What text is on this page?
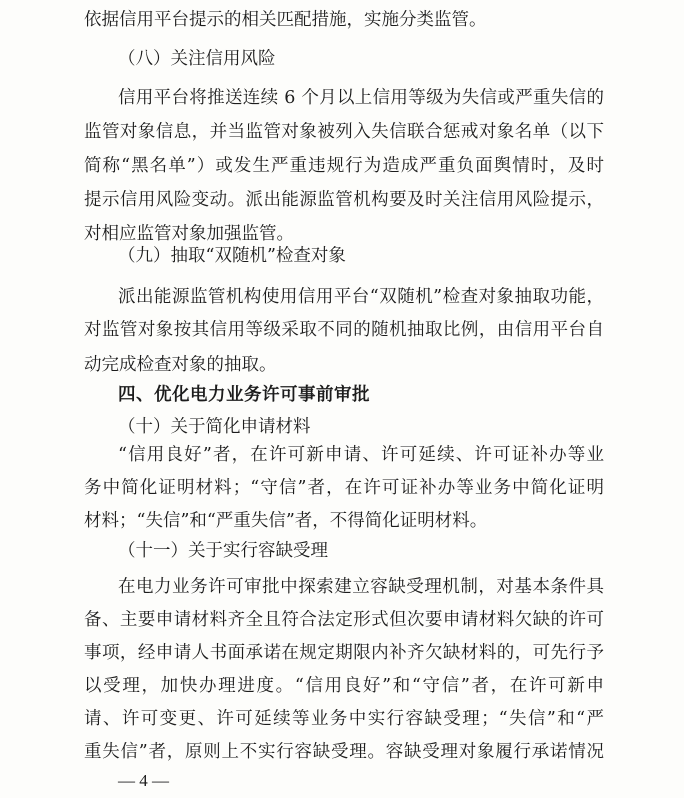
依据信用平台提示的相关匹配措施，实施分类监管。
（八）关注信用风险
信用平台将推送连续 6 个月以上信用等级为失信或严重失信的
监管对象信息，并当监管对象被列入失信联合惩戒对象名单（以下
简称“黑名单”）或发生严重违规行为造成严重负面舆情时，及时
提示信用风险变动。派出能源监管机构要及时关注信用风险提示，
对相应监管对象加强监管。
（九）抽取“双随机”检查对象
派出能源监管机构使用信用平台“双随机”检查对象抽取功能，
对监管对象按其信用等级采取不同的随机抽取比例，由信用平台自
动完成检查对象的抽取。
四、优化电力业务许可事前审批
（十）关于简化申请材料
“信用良好”者，在许可新申请、许可延续、许可证补办等业
务中简化证明材料；“守信”者，在许可证补办等业务中简化证明
材料；“失信”和“严重失信”者，不得简化证明材料。
（十一）关于实行容缺受理
在电力业务许可审批中探索建立容缺受理机制，对基本条件具
备、主要申请材料齐全且符合法定形式但次要申请材料欠缺的许可
事项，经申请人书面承诺在规定期限内补齐欠缺材料的，可先行予
以受理，加快办理进度。“信用良好”和“守信”者，在许可新申
请、许可变更、许可延续等业务中实行容缺受理；“失信”和“严
重失信”者，原则上不实行容缺受理。容缺受理对象履行承诺情况
— 4 —
